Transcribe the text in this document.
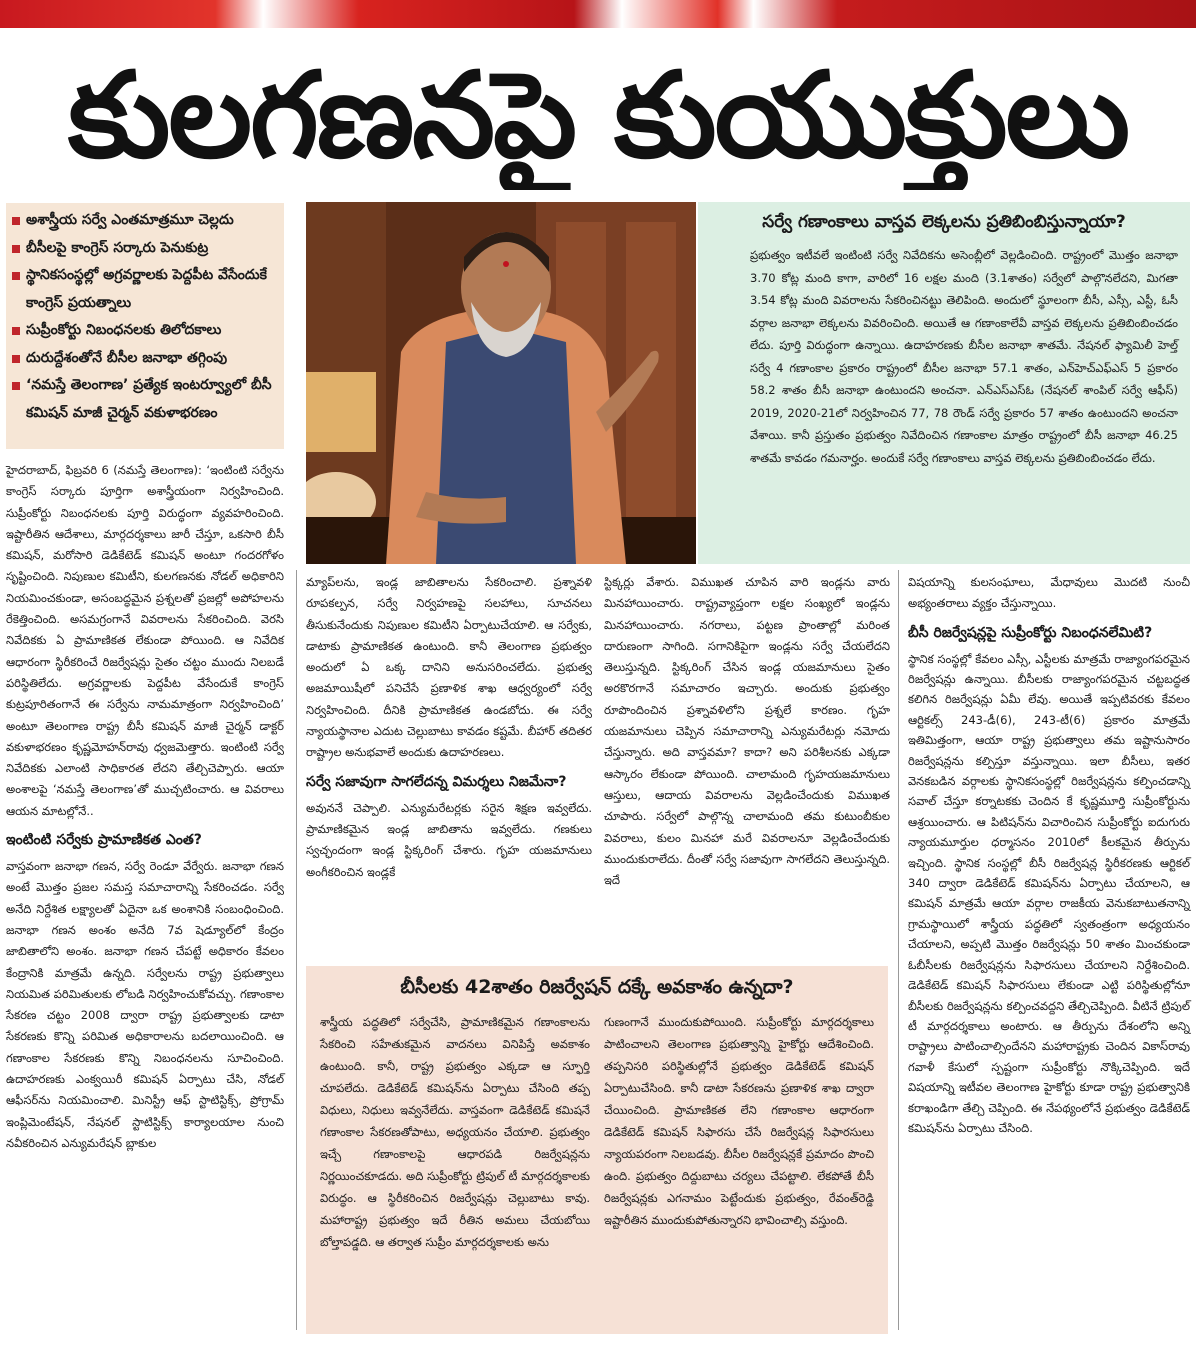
కులగణనపై కుయుక్తులు
అశాస్త్రీయ సర్వే ఎంతమాత్రమూ చెల్లదు
బీసీలపై కాంగ్రెస్ సర్కారు పెనుకుట్ర
స్థానికసంస్థల్లో అగ్రవర్ణాలకు పెద్దపీట వేసేందుకే కాంగ్రెస్ ప్రయత్నాలు
సుప్రీంకోర్టు నిబంధనలకు తిలోదకాలు
దురుద్దేశంతోనే బీసీల జనాభా తగ్గింపు
‘నమస్తే తెలంగాణ’ ప్రత్యేక ఇంటర్వ్యూలో బీసీ కమిషన్ మాజీ చైర్మన్ వకుళాభరణం
సర్వే గణాంకాలు వాస్తవ లెక్కలను ప్రతిబింబిస్తున్నాయా?

ప్రభుత్వం ఇటీవలే ఇంటింటి సర్వే నివేదికను అసెంబ్లీలో వెల్లడించింది. రాష్ట్రంలో మొత్తం జనాభా 3.70 కోట్ల మంది కాగా, వారిలో 16 లక్షల మంది (3.1శాతం) సర్వేలో పాల్గొనలేదని, మిగతా 3.54 కోట్ల మంది వివరాలను సేకరించినట్టు తెలిపింది. అందులో స్థూలంగా బీసీ, ఎస్సీ, ఎస్టీ, ఓసీ వర్గాల జనాభా లెక్కలను వివరించింది. అయితే ఆ గణాంకాలేవీ వాస్తవ లెక్కలను ప్రతిబింబించడం లేదు. పూర్తి విరుద్ధంగా ఉన్నాయి. ఉదాహరణకు బీసీల జనాభా శాతమే. నేషనల్ ఫ్యామిలీ హెల్త్ సర్వే 4 గణాంకాల ప్రకారం రాష్ట్రంలో బీసీల జనాభా 57.1 శాతం, ఎన్‌హెచ్‌ఎఫ్‌ఎస్ 5 ప్రకారం 58.2 శాతం బీసీ జనాభా ఉంటుందని అంచనా. ఎన్ఎస్ఎస్ఓ (నేషనల్ శాంపిల్ సర్వే ఆఫీస్) 2019, 2020-21లో నిర్వహించిన 77, 78 రౌండ్ సర్వే ప్రకారం 57 శాతం ఉంటుందని అంచనా వేశాయి. కానీ ప్రస్తుతం ప్రభుత్వం నివేదించిన గణాంకాల మాత్రం రాష్ట్రంలో బీసీ జనాభా 46.25 శాతమే కావడం గమనార్హం. అందుకే సర్వే గణాంకాలు వాస్తవ లెక్కలను ప్రతిబింబించడం లేదు.

హైదరాబాద్, ఫిబ్రవరి 6 (నమస్తే తెలంగాణ): ‘ఇంటింటి సర్వేను కాంగ్రెస్ సర్కారు పూర్తిగా అశాస్త్రీయంగా నిర్వహించింది. సుప్రీంకోర్టు నిబంధనలకు పూర్తి విరుద్ధంగా వ్యవహరించింది. ఇష్టారీతిన ఆదేశాలు, మార్గదర్శకాలు జారీ చేస్తూ, ఒకసారి బీసీ కమిషన్, మరోసారి డెడికేటెడ్ కమిషన్ అంటూ గందరగోళం సృష్టించింది. నిపుణుల కమిటీని, కులగణనకు నోడల్ అధికారిని నియమించకుండా, అసంబద్ధమైన ప్రశ్నలతో ప్రజల్లో అపోహలను రేకెత్తించింది. అసమగ్రంగానే వివరాలను సేకరించింది. వెరసి నివేదికకు ఏ ప్రామాణికత లేకుండా పోయింది. ఆ నివేదిక ఆధారంగా స్థిరీకరించే రిజర్వేషన్లు సైతం చట్టం ముందు నిలబడే పరిస్థితిలేదు. అగ్రవర్ణాలకు పెద్దపీట వేసేందుకే కాంగ్రెస్ కుట్రపూరితంగానే ఈ సర్వేను నామమాత్రంగా నిర్వహించింది’ అంటూ తెలంగాణ రాష్ట్ర బీసీ కమిషన్ మాజీ చైర్మన్ డాక్టర్ వకుళాభరణం కృష్ణమోహన్‌రావు ధ్వజమెత్తారు. ఇంటింటి సర్వే నివేదికకు ఎలాంటి సాధికారత లేదని తేల్చిచెప్పారు. ఆయా అంశాలపై ‘నమస్తే తెలంగాణ’తో ముచ్చటించారు. ఆ వివరాలు ఆయన మాటల్లోనే..

ఇంటింటి సర్వేకు ప్రామాణికత ఎంత?

వాస్తవంగా జనాభా గణన, సర్వే రెండూ వేర్వేరు. జనాభా గణన అంటే మొత్తం ప్రజల సమస్త సమాచారాన్ని సేకరించడం. సర్వే అనేది నిర్దేశిత లక్ష్యాలతో ఏదైనా ఒక అంశానికి సంబంధించింది. జనాభా గణన అంశం అనేది 7వ షెడ్యూల్‌లో కేంద్రం జాబితాలోని అంశం. జనాభా గణన చేపట్టే అధికారం కేవలం కేంద్రానికి మాత్రమే ఉన్నది. సర్వేలను రాష్ట్ర ప్రభుత్వాలు నియమిత పరిమితులకు లోబడి నిర్వహించుకోవచ్చు. గణాంకాల సేకరణ చట్టం 2008 ద్వారా రాష్ట్ర ప్రభుత్వాలకు డాటా సేకరణకు కొన్ని పరిమిత అధికారాలను బదలాయించింది. ఆ గణాంకాల సేకరణకు కొన్ని నిబంధనలను సూచించింది. ఉదాహరణకు ఎంక్వయిరీ కమిషన్ ఏర్పాటు చేసి, నోడల్ ఆఫీసర్‌ను నియమించాలి. మినిస్ట్రీ ఆఫ్ స్టాటిస్టిక్స్, ప్రోగ్రామ్ ఇంప్లిమెంటేషన్, నేషనల్ స్టాటిస్టిక్స్ కార్యాలయాల నుంచి నవీకరించిన ఎన్యుమరేషన్ బ్లాకుల

మ్యాప్‌లను, ఇండ్ల జాబితాలను సేకరించాలి. ప్రశ్నావళి రూపకల్పన, సర్వే నిర్వహణపై సలహాలు, సూచనలు తీసుకునేందుకు నిపుణుల కమిటీని ఏర్పాటుచేయాలి. ఆ సర్వేకు, డాటాకు ప్రామాణికత ఉంటుంది. కానీ తెలంగాణ ప్రభుత్వం అందులో ఏ ఒక్క దానిని అనుసరించలేదు. ప్రభుత్వ అజమాయిషీలో పనిచేసే ప్రణాళిక శాఖ ఆధ్వర్యంలో సర్వే నిర్వహించింది. దీనికి ప్రామాణికత ఉండబోదు. ఈ సర్వే న్యాయస్థానాల ఎదుట చెల్లుబాటు కావడం కష్టమే. బీహార్ తదితర రాష్ట్రాల అనుభవాలే అందుకు ఉదాహరణలు.

సర్వే సజావుగా సాగలేదన్న విమర్శలు నిజమేనా?

అవుననే చెప్పాలి. ఎన్యుమరేటర్లకు సరైన శిక్షణ ఇవ్వలేదు. ప్రామాణికమైన ఇండ్ల జాబితాను ఇవ్వలేదు. గణకులు స్వచ్ఛందంగా ఇండ్ల స్టిక్కరింగ్ చేశారు. గృహ యజమానులు అంగీకరించిన ఇండ్లకే

స్టిక్కర్లు వేశారు. విముఖత చూపిన వారి ఇండ్లను వారు మినహాయించారు. రాష్ట్రవ్యాప్తంగా లక్షల సంఖ్యలో ఇండ్లను మినహాయించారు. నగరాలు, పట్టణ ప్రాంతాల్లో మరింత దారుణంగా సాగింది. సగానికిపైగా ఇండ్లను సర్వే చేయలేదని తెలుస్తున్నది. స్టిక్కరింగ్ చేసిన ఇండ్ల యజమానులు సైతం అరకొరగానే సమాచారం ఇచ్చారు. అందుకు ప్రభుత్వం రూపొందించిన ప్రశ్నావళిలోని ప్రశ్నలే కారణం. గృహ యజమానులు చెప్పిన సమాచారాన్ని ఎన్యుమరేటర్లు నమోదు చేస్తున్నారు. అది వాస్తవమా? కాదా? అని పరిశీలనకు ఎక్కడా ఆస్కారం లేకుండా పోయింది. చాలామంది గృహయజమానులు ఆస్తులు, ఆదాయ వివరాలను వెల్లడించేందుకు విముఖత చూపారు. సర్వేలో పాల్గొన్న చాలామంది తమ కుటుంబీకుల వివరాలు, కులం మినహా మరే వివరాలనూ వెల్లడించేందుకు ముందుకురాలేదు. దీంతో సర్వే సజావుగా సాగలేదని తెలుస్తున్నది. ఇదే

విషయాన్ని కులసంఘాలు, మేధావులు మొదటి నుంచీ అభ్యంతరాలు వ్యక్తం చేస్తున్నాయి.

బీసీ రిజర్వేషన్లపై సుప్రీంకోర్టు నిబంధనలేమిటి?

స్థానిక సంస్థల్లో కేవలం ఎస్సీ, ఎస్టీలకు మాత్రమే రాజ్యాంగపరమైన రిజర్వేషన్లు ఉన్నాయి. బీసీలకు రాజ్యాంగపరమైన చట్టబద్ధత కలిగిన రిజర్వేషన్లు ఏమీ లేవు. అయితే ఇప్పటివరకు కేవలం ఆర్టికల్స్ 243-డీ(6), 243-టీ(6) ప్రకారం మాత్రమే ఇతిమిత్తంగా, ఆయా రాష్ట్ర ప్రభుత్వాలు తమ ఇష్టానుసారం రిజర్వేషన్లను కల్పిస్తూ వస్తున్నాయి. ఇలా బీసీలు, ఇతర వెనకబడిన వర్గాలకు స్థానికసంస్థల్లో రిజర్వేషన్లను కల్పించడాన్ని సవాల్ చేస్తూ కర్నాటకకు చెందిన కే కృష్ణమూర్తి సుప్రీంకోర్టును ఆశ్రయించారు. ఆ పిటిషన్‌ను విచారించిన సుప్రీంకోర్టు ఐదుగురు న్యాయమూర్తుల ధర్మాసనం 2010లో కీలకమైన తీర్పును ఇచ్చింది. స్థానిక సంస్థల్లో బీసీ రిజర్వేషన్ల స్థిరీకరణకు ఆర్టికల్ 340 ద్వారా డెడికేటెడ్ కమిషన్‌ను ఏర్పాటు చేయాలని, ఆ కమిషన్ మాత్రమే ఆయా వర్గాల రాజకీయ వెనుకబాటుతనాన్ని గ్రామస్థాయిలో శాస్త్రీయ పద్ధతిలో స్వతంత్రంగా అధ్యయనం చేయాలని, అప్పటి మొత్తం రిజర్వేషన్లు 50 శాతం మించకుండా ఓబీసీలకు రిజర్వేషన్లను సిఫారసులు చేయాలని నిర్దేశించింది. డెడికేటెడ్ కమిషన్ సిఫారసులు లేకుండా ఎట్టి పరిస్థితుల్లోనూ బీసీలకు రిజర్వేషన్లను కల్పించవద్దని తేల్చిచెప్పింది. వీటినే ట్రిపుల్ టీ మార్గదర్శకాలు అంటారు. ఆ తీర్పును దేశంలోని అన్ని రాష్ట్రాలు పాటించాల్సిందేనని మహారాష్ట్రకు చెందిన వికాస్‌రావు గవాళీ కేసులో స్పష్టంగా సుప్రీంకోర్టు నొక్కిచెప్పింది. ఇదే విషయాన్ని ఇటీవల తెలంగాణ హైకోర్టు కూడా రాష్ట్ర ప్రభుత్వానికి కరాఖండిగా తేల్చి చెప్పింది. ఈ నేపథ్యంలోనే ప్రభుత్వం డెడికేటెడ్ కమిషన్‌ను ఏర్పాటు చేసింది.

బీసీలకు 42శాతం రిజర్వేషన్ దక్కే అవకాశం ఉన్నదా?

శాస్త్రీయ పద్ధతిలో సర్వేచేసి, ప్రామాణికమైన గణాంకాలను సేకరించి సహేతుకమైన వాదనలు వినిపిస్తే అవకాశం ఉంటుంది. కానీ, రాష్ట్ర ప్రభుత్వం ఎక్కడా ఆ స్ఫూర్తి చూపలేదు. డెడికేటెడ్ కమిషన్‌ను ఏర్పాటు చేసింది తప్ప విధులు, నిధులు ఇవ్వనేలేదు. వాస్తవంగా డెడికేటెడ్ కమిషనే గణాంకాల సేకరణతోపాటు, అధ్యయనం చేయాలి. ప్రభుత్వం ఇచ్చే గణాంకాలపై ఆధారపడి రిజర్వేషన్లను నిర్ణయించకూడదు. అది సుప్రీంకోర్టు ట్రిపుల్ టీ మార్గదర్శకాలకు విరుద్ధం. ఆ స్థిరీకరించిన రిజర్వేషన్లు చెల్లుబాటు కావు. మహారాష్ట్ర ప్రభుత్వం ఇదే రీతిన అమలు చేయబోయి బోల్తాపడ్డది. ఆ తర్వాత సుప్రీం మార్గదర్శకాలకు అను

గుణంగానే ముందుకుపోయింది. సుప్రీంకోర్టు మార్గదర్శకాలు పాటించాలని తెలంగాణ ప్రభుత్వాన్ని హైకోర్టు ఆదేశించింది. తప్పనిసరి పరిస్థితుల్లోనే ప్రభుత్వం డెడికేటెడ్ కమిషన్ ఏర్పాటుచేసింది. కానీ డాటా సేకరణను ప్రణాళిక శాఖ ద్వారా చేయించింది. ప్రామాణికత లేని గణాంకాల ఆధారంగా డెడికేటెడ్ కమిషన్ సిఫారసు చేసే రిజర్వేషన్ల సిఫారసులు న్యాయపరంగా నిలబడవు. బీసీల రిజర్వేషన్లకే ప్రమాదం పొంచి ఉంది. ప్రభుత్వం దిద్దుబాటు చర్యలు చేపట్టాలి. లేకపోతే బీసీ రిజర్వేషన్లకు ఎగనామం పెట్టేందుకు ప్రభుత్వం, రేవంత్‌రెడ్డి ఇష్టారీతిన ముందుకుపోతున్నారని భావించాల్సి వస్తుంది.
